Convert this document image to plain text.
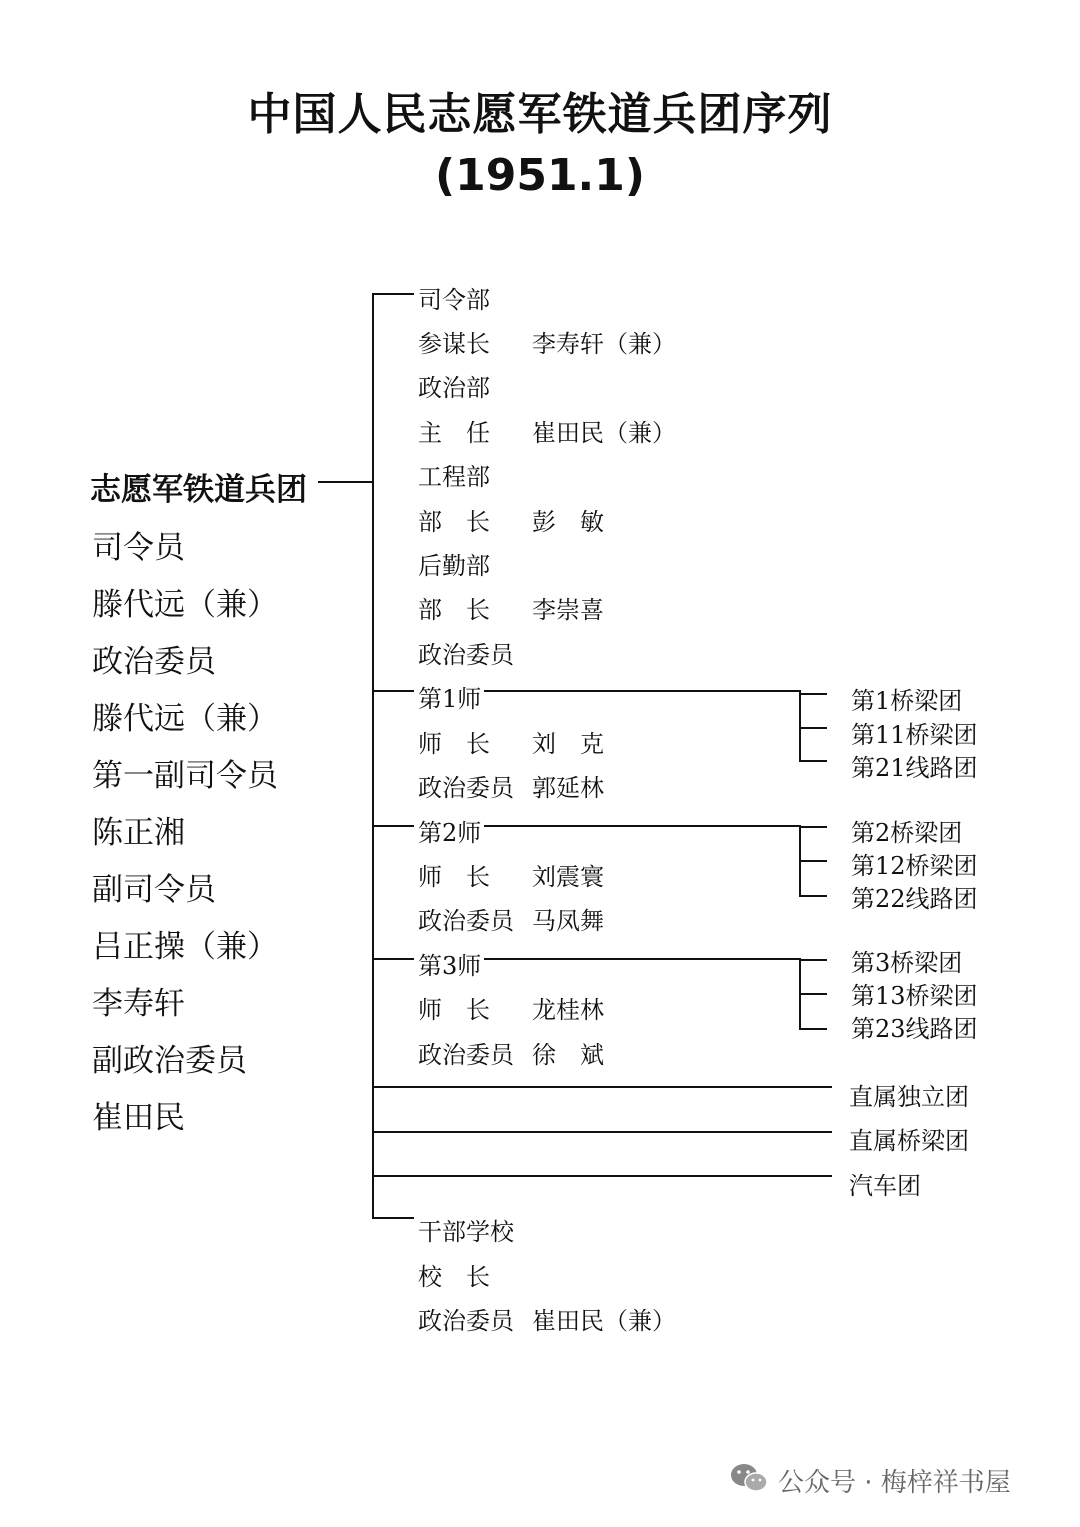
中国人民志愿军铁道兵团序列
(1951.1)
志愿军铁道兵团
司令员
滕代远（兼）
政治委员
滕代远（兼）
第一副司令员
陈正湘
副司令员
吕正操（兼）
李寿轩
副政治委员
崔田民
司令部
参谋长 李寿轩（兼）
政治部
主　任 崔田民（兼）
工程部
部　长 彭　敏
后勤部
部　长 李崇喜
政治委员
第1师
师　长 刘　克
政治委员 郭延林
第1桥梁团
第11桥梁团
第21线路团
第2师
师　长 刘震寰
政治委员 马凤舞
第2桥梁团
第12桥梁团
第22线路团
第3师
师　长 龙桂林
政治委员 徐　斌
第3桥梁团
第13桥梁团
第23线路团
直属独立团
直属桥梁团
汽车团
干部学校
校　长
政治委员 崔田民（兼）
公众号 · 梅梓祥书屋
